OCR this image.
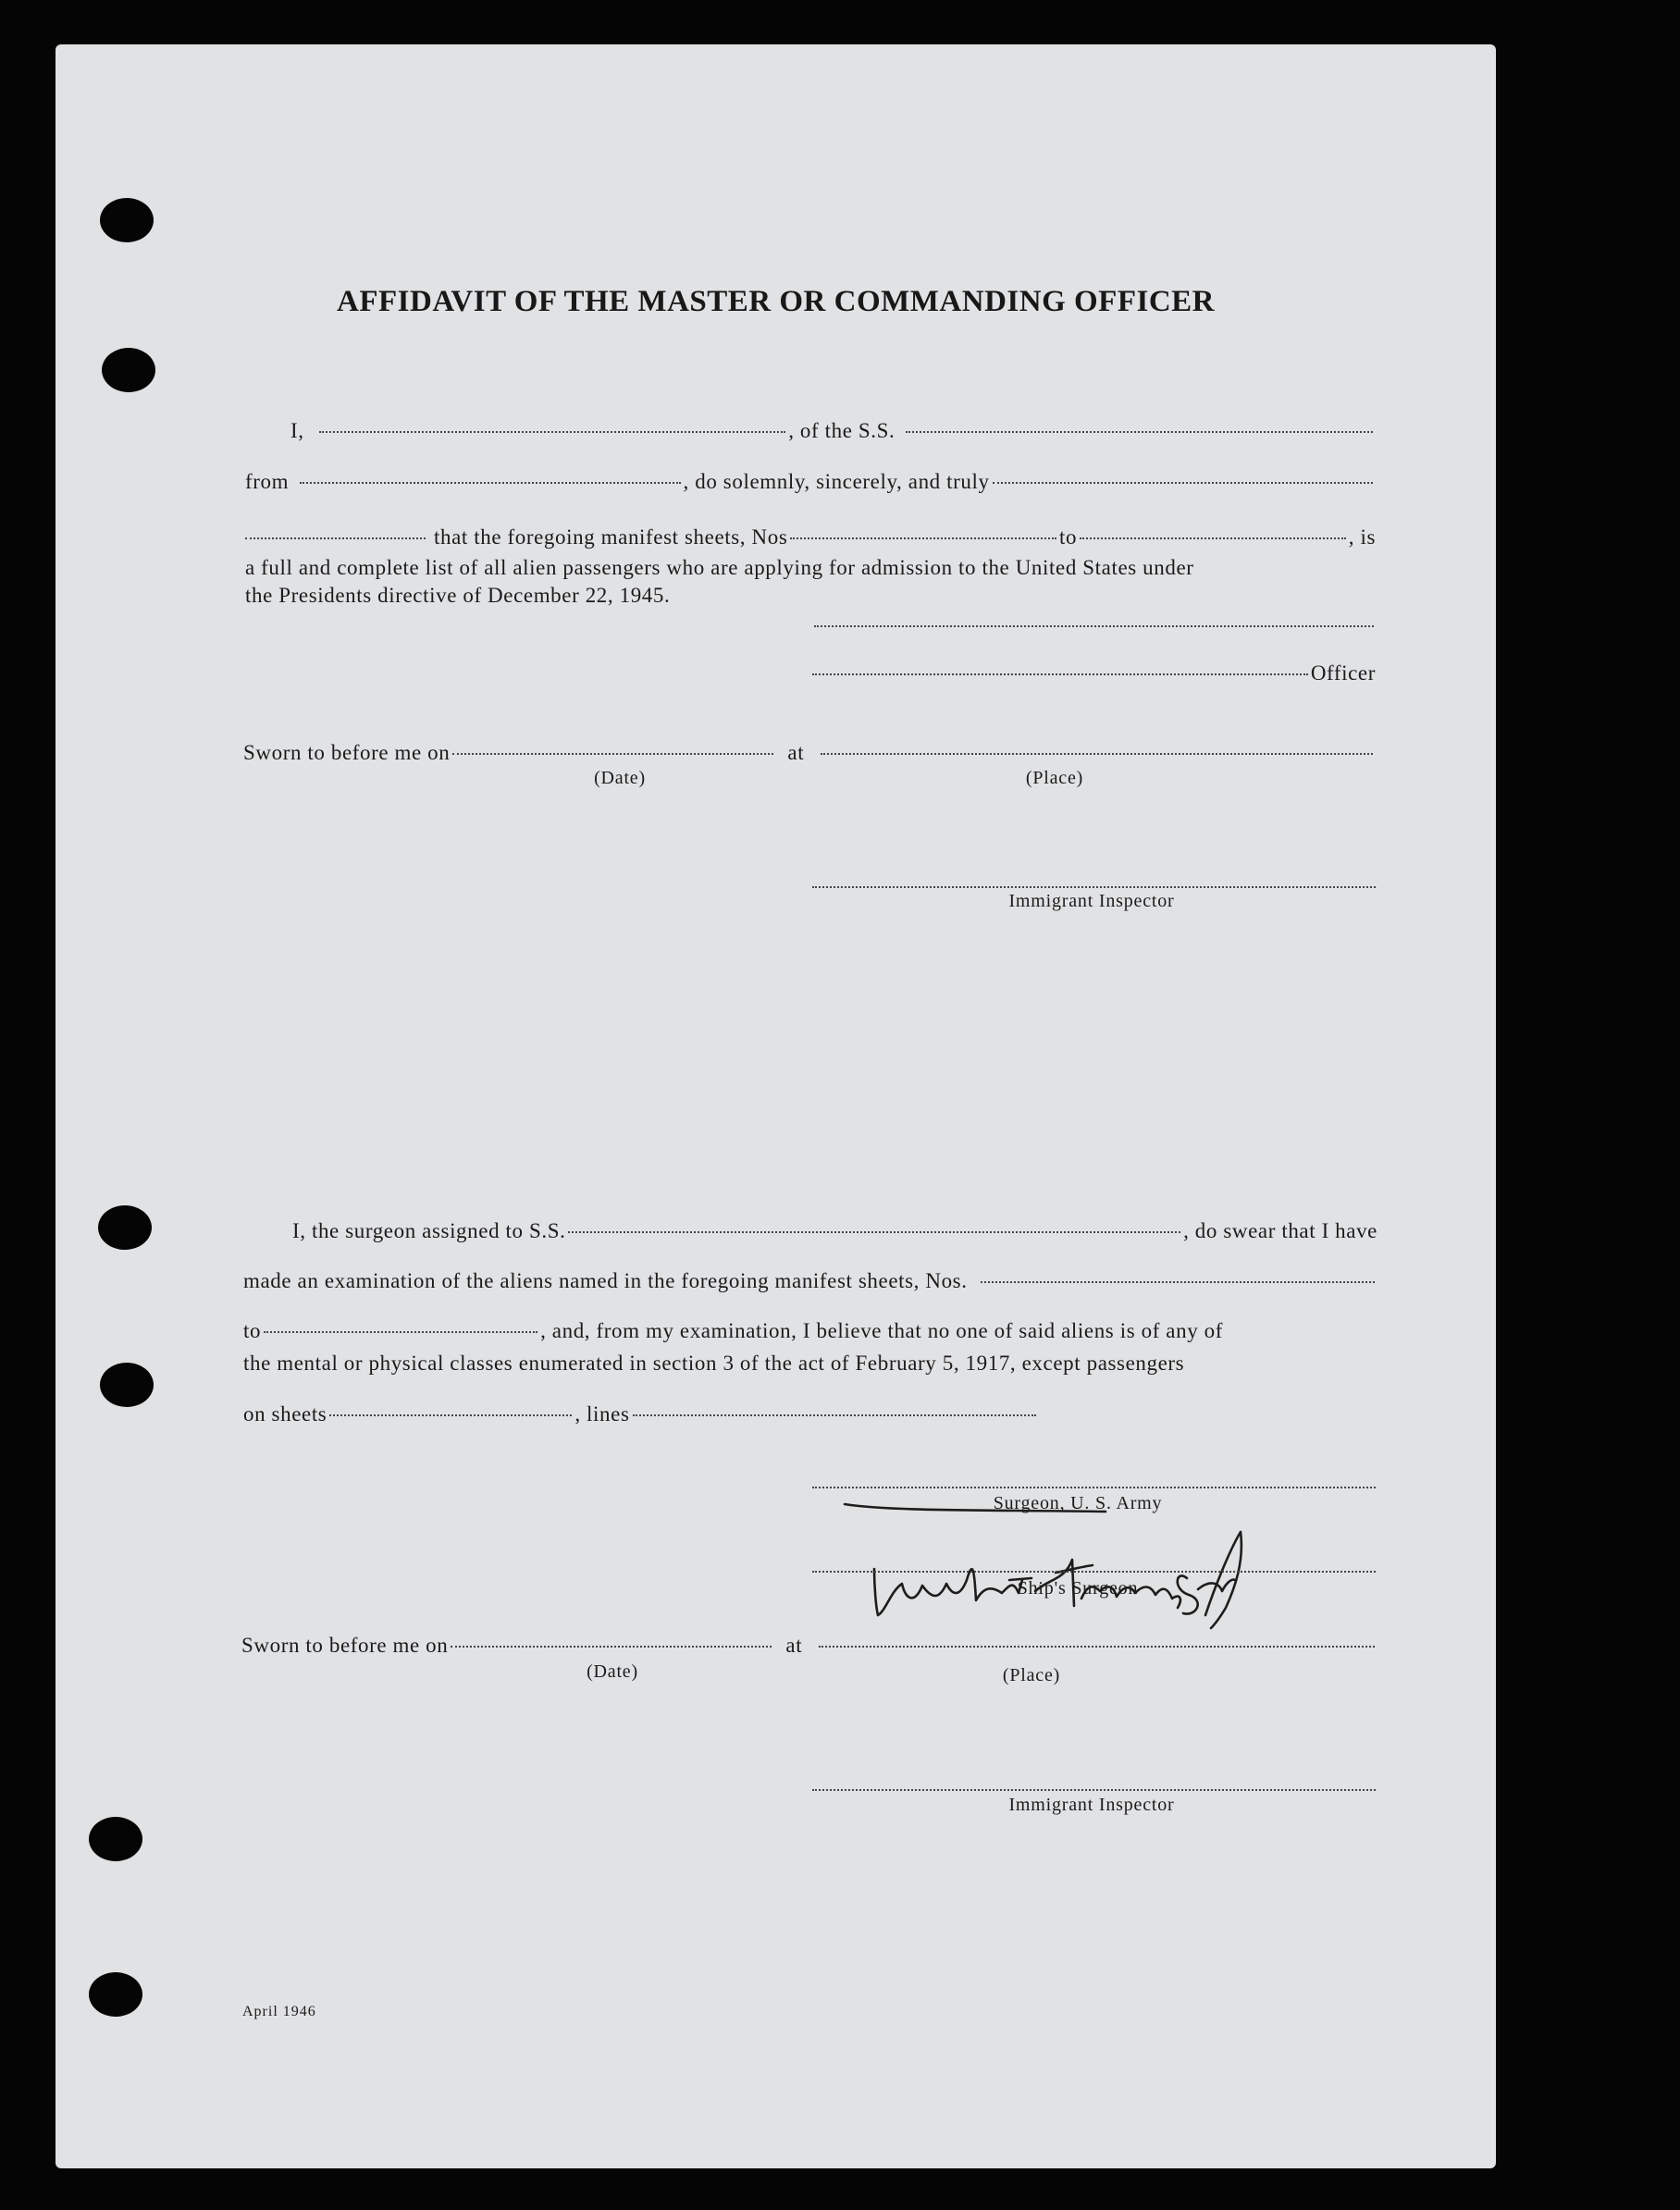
AFFIDAVIT OF THE MASTER OR COMMANDING OFFICER
I,	, of the S.S.
from	, do solemnly, sincerely, and truly
that the foregoing manifest sheets, Nos	to	, is
a full and complete list of all alien passengers who are applying for admission to the United States under
the Presidents directive of December 22, 1945.
Officer
Sworn to before me on	at
(Date)	(Place)
Immigrant Inspector
I, the surgeon assigned to S.S.	, do swear that I have
made an examination of the aliens named in the foregoing manifest sheets, Nos.
to	, and, from my examination, I believe that no one of said aliens is of any of
the mental or physical classes enumerated in section 3 of the act of February 5, 1917, except passengers
on sheets	, lines
Surgeon, U. S. Army
Newton Thomas Saxl
Ship's Surgeon
Sworn to before me on	at
(Date)	(Place)
Immigrant Inspector
April 1946
